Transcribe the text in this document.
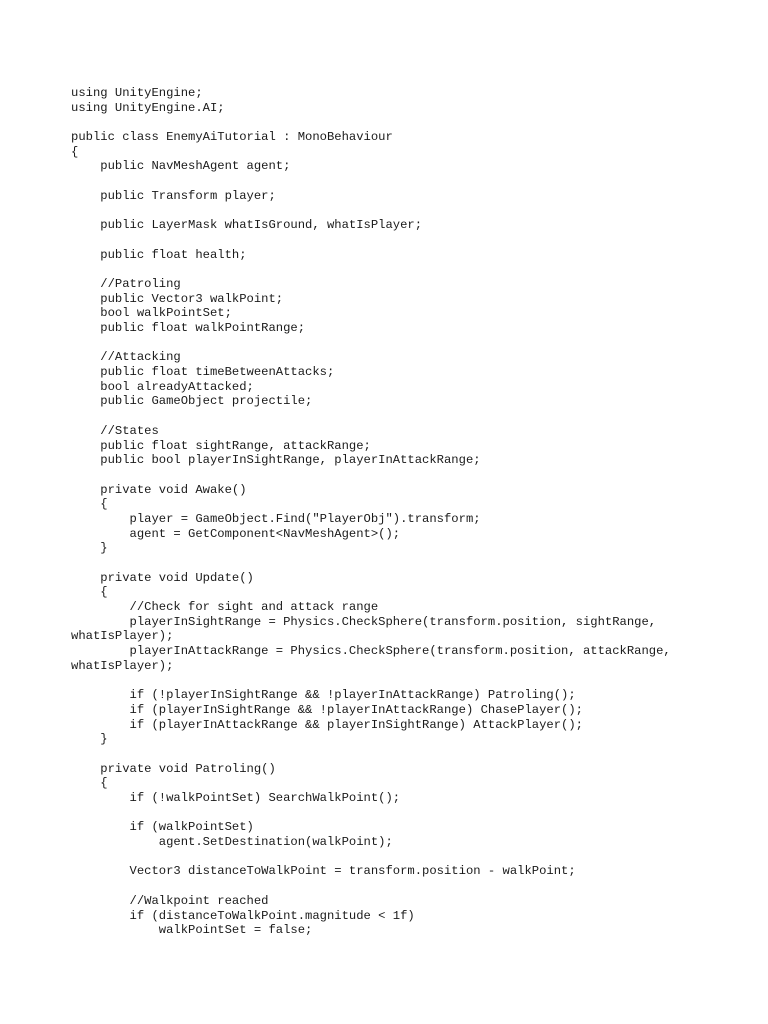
using UnityEngine;
using UnityEngine.AI;
public class EnemyAiTutorial : MonoBehaviour
{
public NavMeshAgent agent;
public Transform player;
public LayerMask whatIsGround, whatIsPlayer;
public float health;
//Patroling
public Vector3 walkPoint;
bool walkPointSet;
public float walkPointRange;
//Attacking
public float timeBetweenAttacks;
bool alreadyAttacked;
public GameObject projectile;
//States
public float sightRange, attackRange;
public bool playerInSightRange, playerInAttackRange;
private void Awake()
{
player = GameObject.Find("PlayerObj").transform;
agent = GetComponent<NavMeshAgent>();
}
private void Update()
{
//Check for sight and attack range
playerInSightRange = Physics.CheckSphere(transform.position, sightRange,
whatIsPlayer);
playerInAttackRange = Physics.CheckSphere(transform.position, attackRange,
whatIsPlayer);
if (!playerInSightRange && !playerInAttackRange) Patroling();
if (playerInSightRange && !playerInAttackRange) ChasePlayer();
if (playerInAttackRange && playerInSightRange) AttackPlayer();
}
private void Patroling()
{
if (!walkPointSet) SearchWalkPoint();
if (walkPointSet)
agent.SetDestination(walkPoint);
Vector3 distanceToWalkPoint = transform.position - walkPoint;
//Walkpoint reached
if (distanceToWalkPoint.magnitude < 1f)
walkPointSet = false;
